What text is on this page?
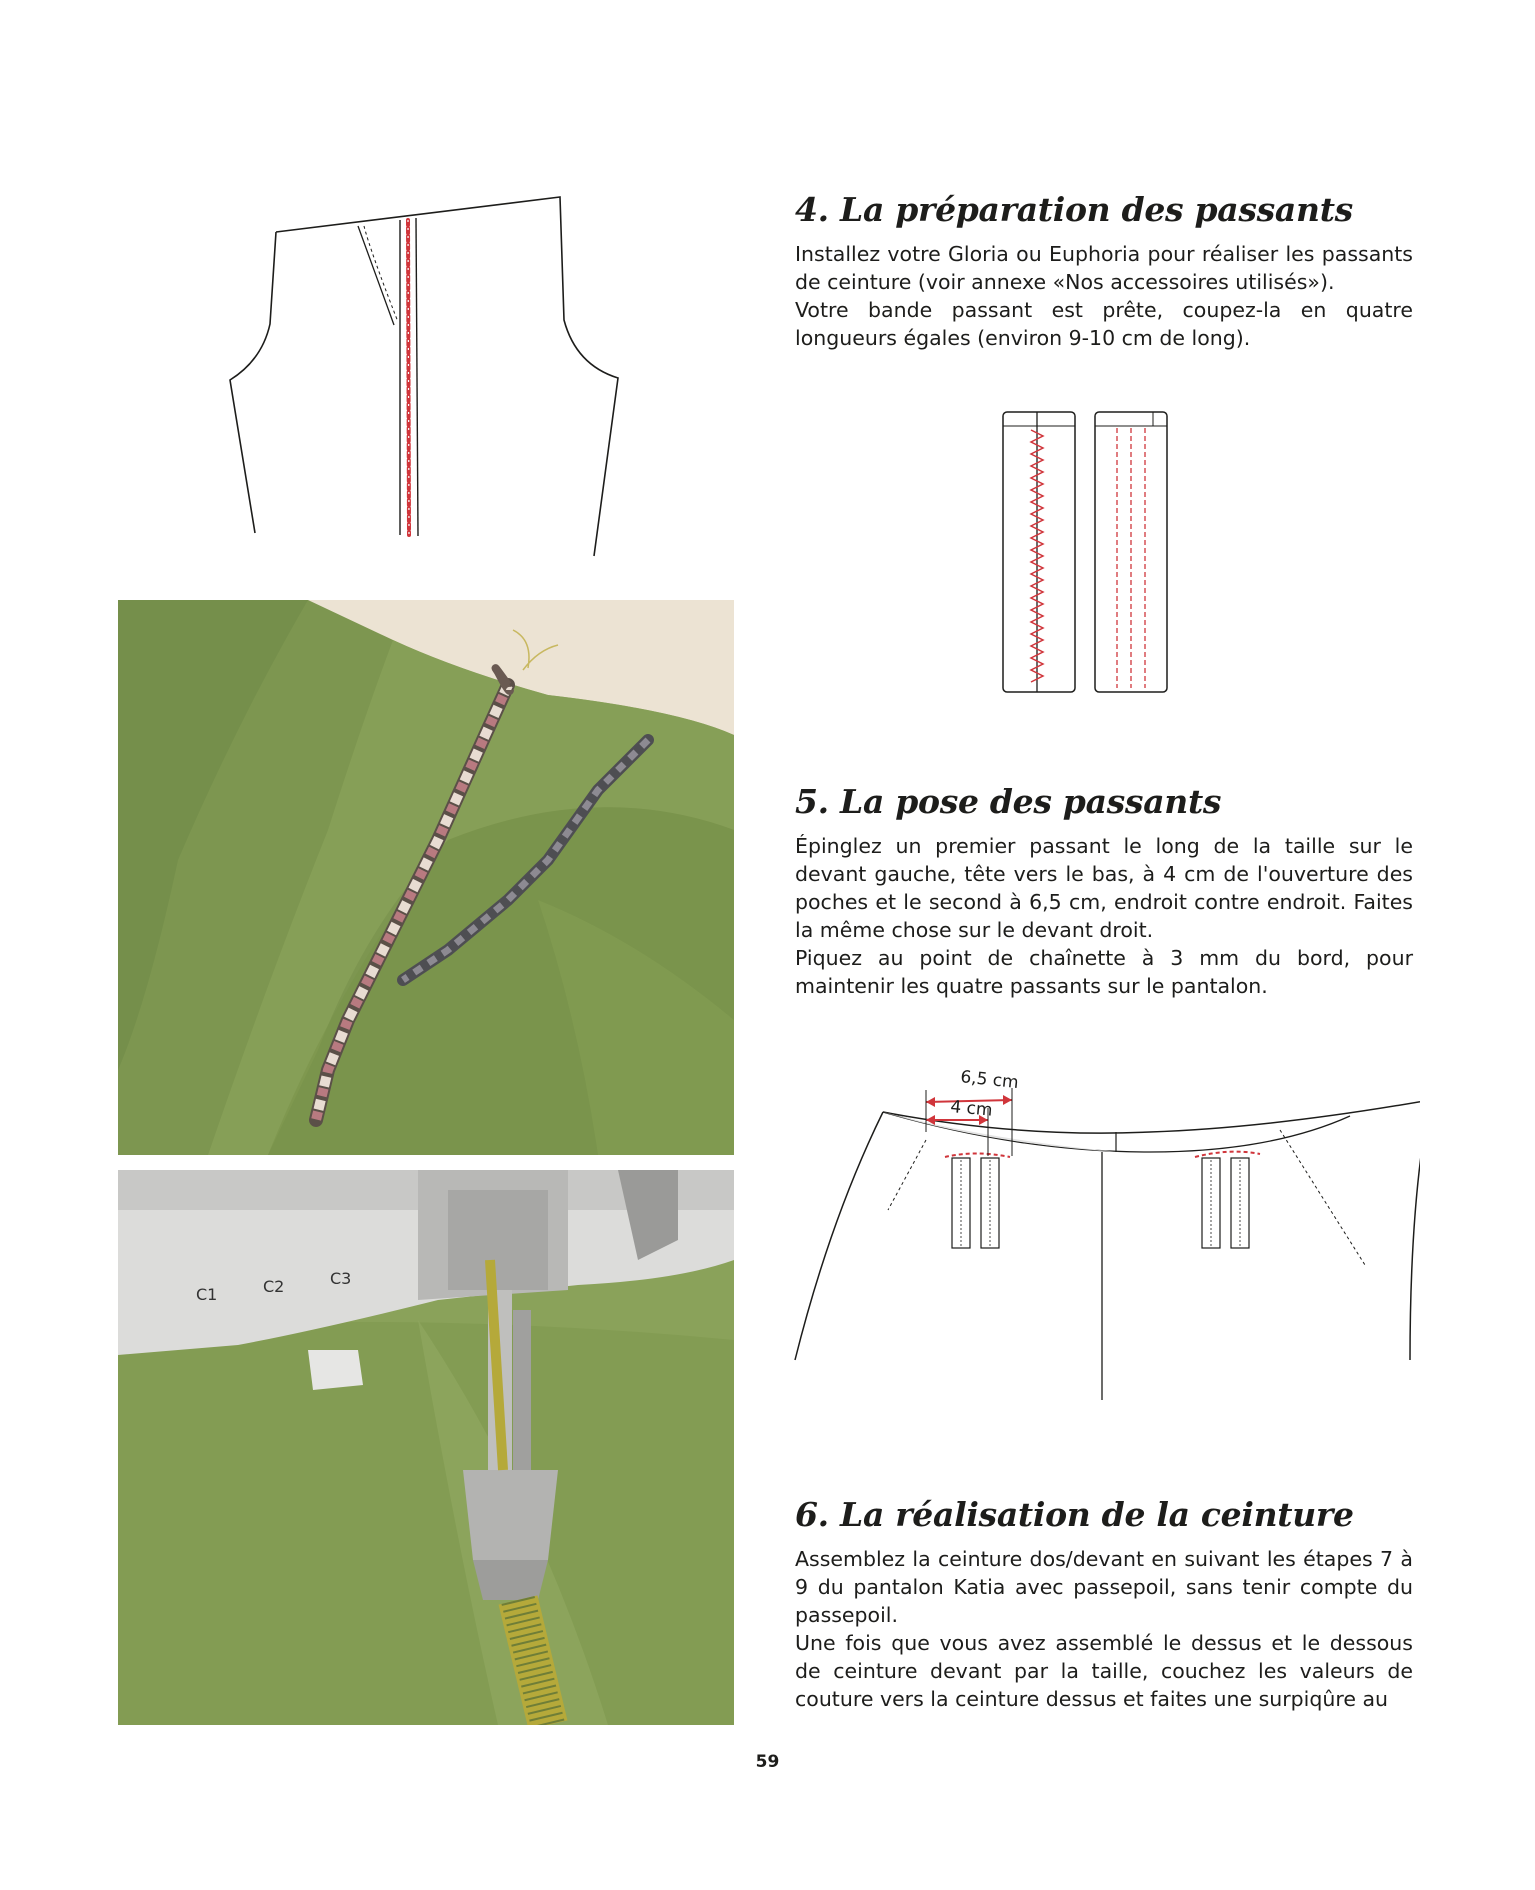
4. La préparation des passants
Installez votre Gloria ou Euphoria pour réaliser les passants de ceinture (voir annexe «Nos accessoires utilisés»).
Votre bande passant est prête, coupez-la en quatre longueurs égales (environ 9-10 cm de long).
C1	C2	C3
5. La pose des passants
Épinglez un premier passant le long de la taille sur le devant gauche, tête vers le bas, à 4 cm de l'ouverture des poches et le second à 6,5 cm, endroit contre endroit. Faites la même chose sur le devant droit.
Piquez au point de chaînette à 3 mm du bord, pour maintenir les quatre passants sur le pantalon.
6,5 cm
4 cm
6. La réalisation de la ceinture
Assemblez la ceinture dos/devant en suivant les étapes 7 à 9 du pantalon Katia avec passepoil, sans tenir compte du passepoil.
Une fois que vous avez assemblé le dessus et le dessous de ceinture devant par la taille, couchez les valeurs de couture vers la ceinture dessus et faites une surpiqûre au
59
